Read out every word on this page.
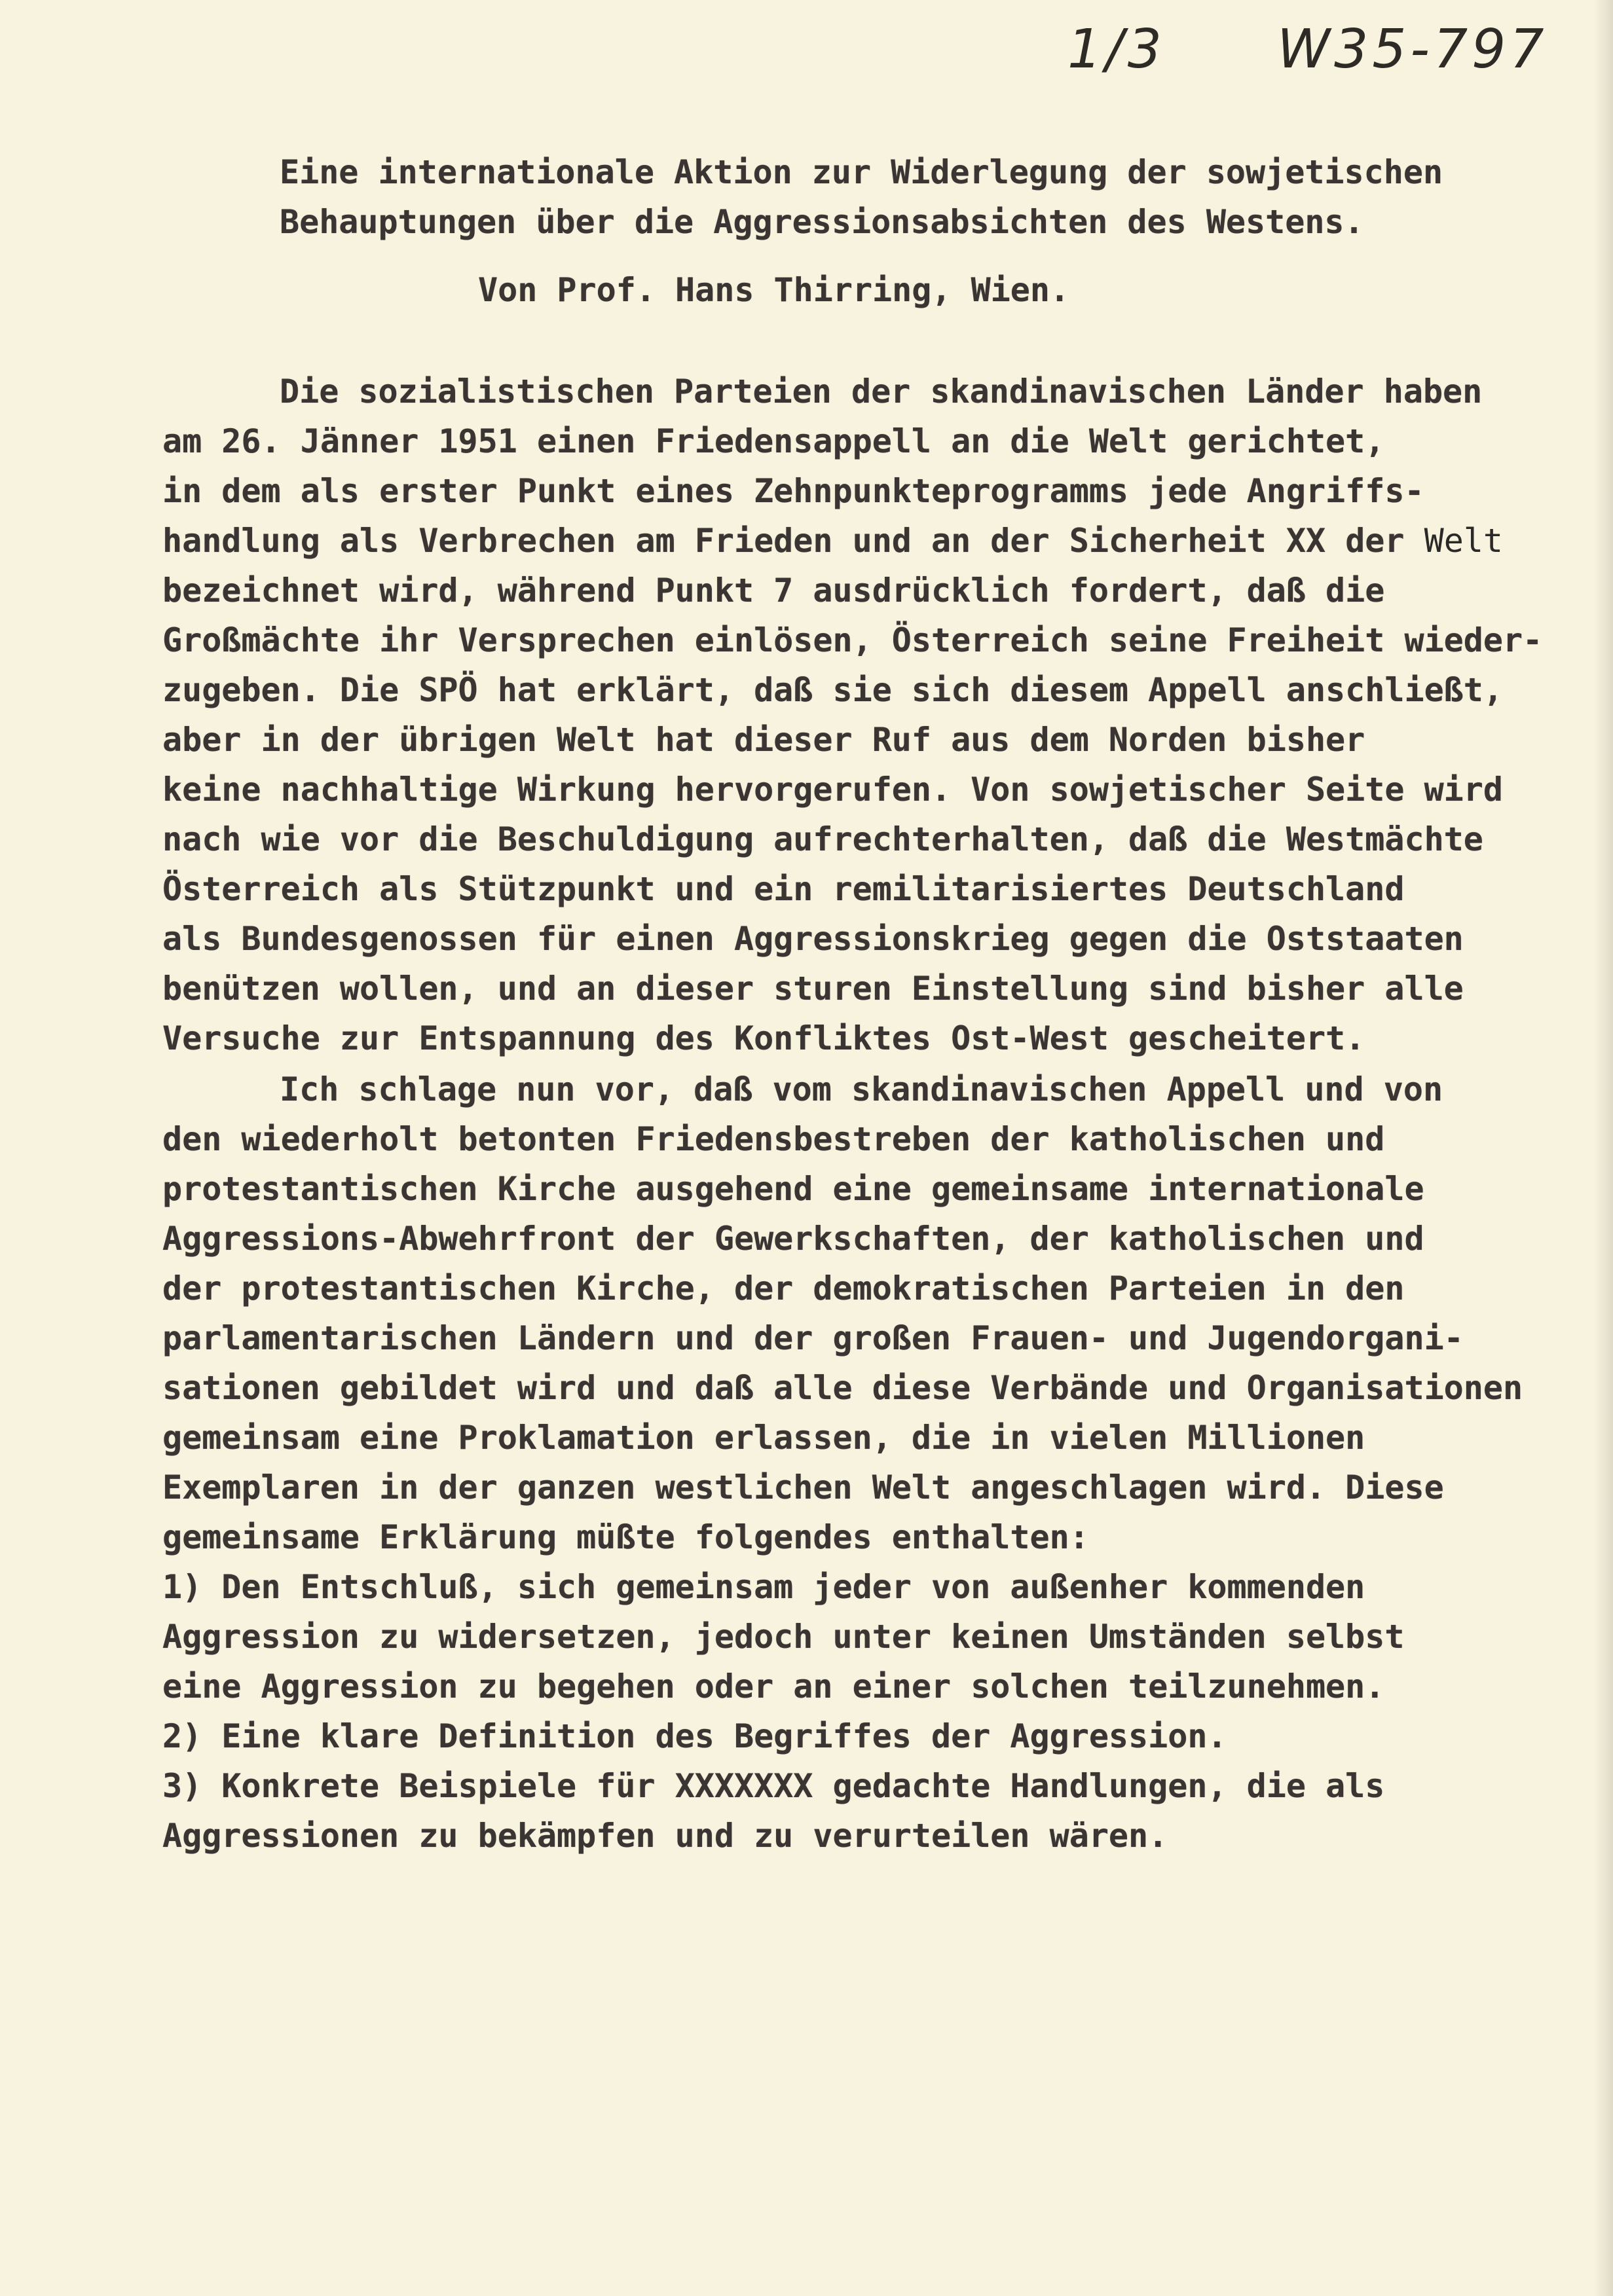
1/3 W35-797
Eine internationale Aktion zur Widerlegung der sowjetischen
Behauptungen über die Aggressionsabsichten des Westens.
Von Prof. Hans Thirring, Wien.
Die sozialistischen Parteien der skandinavischen Länder haben
am 26. Jänner 1951 einen Friedensappell an die Welt gerichtet,
in dem als erster Punkt eines Zehnpunkteprogramms jede Angriffs-
handlung als Verbrechen am Frieden und an der Sicherheit XX der Welt
bezeichnet wird, während Punkt 7 ausdrücklich fordert, daß die
Großmächte ihr Versprechen einlösen, Österreich seine Freiheit wieder-
zugeben. Die SPÖ hat erklärt, daß sie sich diesem Appell anschließt,
aber in der übrigen Welt hat dieser Ruf aus dem Norden bisher
keine nachhaltige Wirkung hervorgerufen. Von sowjetischer Seite wird
nach wie vor die Beschuldigung aufrechterhalten, daß die Westmächte
Österreich als Stützpunkt und ein remilitarisiertes Deutschland
als Bundesgenossen für einen Aggressionskrieg gegen die Oststaaten
benützen wollen, und an dieser sturen Einstellung sind bisher alle
Versuche zur Entspannung des Konfliktes Ost-West gescheitert.
Ich schlage nun vor, daß vom skandinavischen Appell und von
den wiederholt betonten Friedensbestreben der katholischen und
protestantischen Kirche ausgehend eine gemeinsame internationale
Aggressions-Abwehrfront der Gewerkschaften, der katholischen und
der protestantischen Kirche, der demokratischen Parteien in den
parlamentarischen Ländern und der großen Frauen- und Jugendorgani-
sationen gebildet wird und daß alle diese Verbände und Organisationen
gemeinsam eine Proklamation erlassen, die in vielen Millionen
Exemplaren in der ganzen westlichen Welt angeschlagen wird. Diese
gemeinsame Erklärung müßte folgendes enthalten:
1) Den Entschluß, sich gemeinsam jeder von außenher kommenden
Aggression zu widersetzen, jedoch unter keinen Umständen selbst
eine Aggression zu begehen oder an einer solchen teilzunehmen.
2) Eine klare Definition des Begriffes der Aggression.
3) Konkrete Beispiele für XXXXXXX gedachte Handlungen, die als
Aggressionen zu bekämpfen und zu verurteilen wären.
